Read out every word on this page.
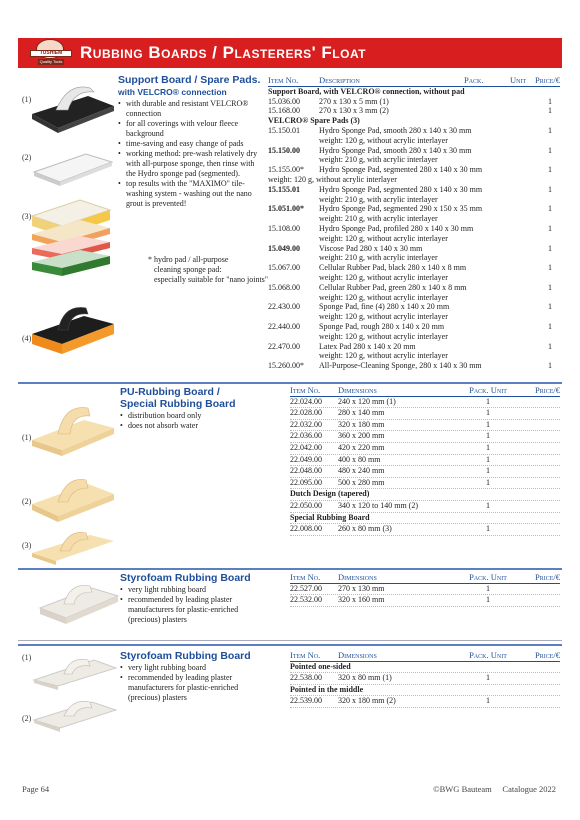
TUSHIEM
Quality Tools Rubbing Boards / Plasterers' Float
(1)
(2)
(3)
(4)
Support Board / Spare Pads.
with VELCRO® connection
• with durable and resistant VELCRO® connection
• for all coverings with velour fleece background
• time-saving and easy change of pads
• working method: pre-wash relatively dry with all-purpose sponge, then rinse with the Hydro sponge pad (segmented).
• top results with the "MAXIMO" tile-washing system - washing out the nano grout is prevented!
* hydro pad / all-purpose
cleaning sponge pad:
especially suitable for "nano joints"
Item No.	Description	Pack.	Unit	Price/€
Support Board, with VELCRO® connection, without pad
15.036.00	270 x 130 x 5 mm (1)	1
15.168.00	270 x 130 x 3 mm (2)	1
VELCRO® Spare Pads (3)
15.150.01	Hydro Sponge Pad, smooth 280 x 140 x 30 mm	1
weight: 120 g, without acrylic interlayer
15.150.00	Hydro Sponge Pad, smooth 280 x 140 x 30 mm	1
weight: 210 g, with acrylic interlayer
15.155.00*	Hydro Sponge Pad, segmented 280 x 140 x 30 mm	1
weight: 120 g, without acrylic interlayer
15.155.01	Hydro Sponge Pad, segmented 280 x 140 x 30 mm	1
weight: 210 g, with acrylic interlayer
15.051.00*	Hydro Sponge Pad, segmented 290 x 150 x 35 mm	1
weight: 210 g, with acrylic interlayer
15.108.00	Hydro Sponge Pad, profiled 280 x 140 x 30 mm	1
weight: 120 g, without acrylic interlayer
15.049.00	Viscose Pad 280 x 140 x 30 mm	1
weight: 210 g, with acrylic interlayer
15.067.00	Cellular Rubber Pad, black 280 x 140 x 8 mm	1
weight: 120 g, without acrylic interlayer
15.068.00	Cellular Rubber Pad, green 280 x 140 x 8 mm	1
weight: 120 g, without acrylic interlayer
22.430.00	Sponge Pad, fine (4) 280 x 140 x 20 mm	1
weight: 120 g, without acrylic interlayer
22.440.00	Sponge Pad, rough 280 x 140 x 20 mm	1
weight: 120 g, without acrylic interlayer
22.470.00	Latex Pad 280 x 140 x 20 mm	1
weight: 120 g, without acrylic interlayer
15.260.00*	All-Purpose-Cleaning Sponge, 280 x 140 x 30 mm	1
(1)
(2)
(3)
PU-Rubbing Board /
Special Rubbing Board
• distribution board only
• does not absorb water
Item No.	Dimensions	Pack. Unit	Price/€
22.024.00	240 x 120 mm (1)	1
22.028.00	280 x 140 mm	1
22.032.00	320 x 180 mm	1
22.036.00	360 x 200 mm	1
22.042.00	420 x 220 mm	1
22.049.00	400 x 80 mm	1
22.048.00	480 x 240 mm	1
22.095.00	500 x 280 mm	1
Dutch Design (tapered)
22.050.00	340 x 120 to 140 mm (2)	1
Special Rubbing Board
22.008.00	260 x 80 mm (3)	1
Styrofoam Rubbing Board
• very light rubbing board
• recommended by leading plaster manufacturers for plastic-enriched (precious) plasters
Item No.	Dimensions	Pack. Unit	Price/€
22.527.00	270 x 130 mm	1
22.532.00	320 x 160 mm	1
(1)
(2)
Styrofoam Rubbing Board
• very light rubbing board
• recommended by leading plaster manufacturers for plastic-enriched (precious) plasters
Item No.	Dimensions	Pack. Unit	Price/€
Pointed one-sided
22.538.00	320 x 80 mm (1)	1
Pointed in the middle
22.539.00	320 x 180 mm (2)	1
Page 64	©BWG Bauteam     Catalogue 2022
